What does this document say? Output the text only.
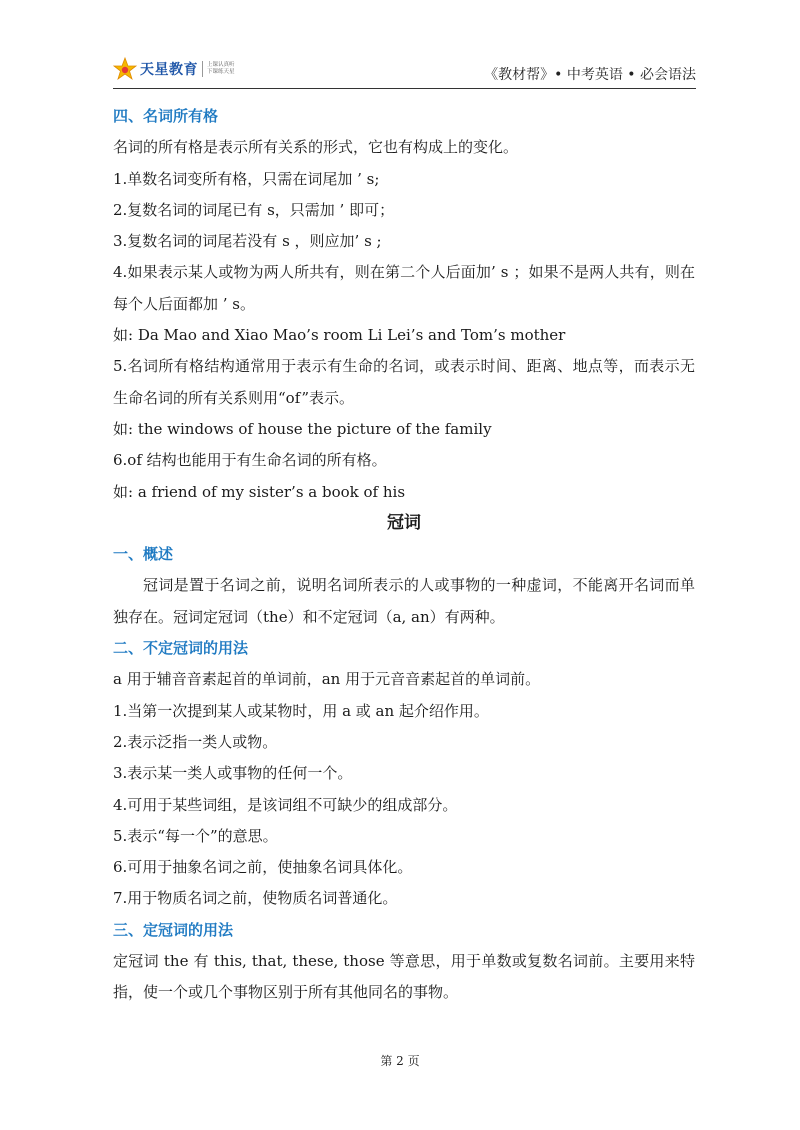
天星教育 上课认真听
下课练天星	《教材帮》• 中考英语 • 必会语法
四、名词所有格

名词的所有格是表示所有关系的形式，它也有构成上的变化。

1.单数名词变所有格，只需在词尾加 ’ s;

2.复数名词的词尾已有 s，只需加 ’ 即可；

3.复数名词的词尾若没有 s ，则应加’ s ;

4.如果表示某人或物为两人所共有，则在第二个人后面加’ s ；如果不是两人共有，则在每个人后面都加 ’ s。

如: Da Mao and Xiao Mao’s room Li Lei’s and Tom’s mother

5.名词所有格结构通常用于表示有生命的名词，或表示时间、距离、地点等，而表示无生命名词的所有关系则用“of”表示。

如: the windows of house the picture of the family

6.of 结构也能用于有生命名词的所有格。

如: a friend of my sister’s a book of his

冠词
一、概述

冠词是置于名词之前，说明名词所表示的人或事物的一种虚词，不能离开名词而单独存在。冠词定冠词（the）和不定冠词（a, an）有两种。

二、不定冠词的用法

a 用于辅音音素起首的单词前，an 用于元音音素起首的单词前。

1.当第一次提到某人或某物时，用 a 或 an 起介绍作用。

2.表示泛指一类人或物。

3.表示某一类人或事物的任何一个。

4.可用于某些词组，是该词组不可缺少的组成部分。

5.表示“每一个”的意思。

6.可用于抽象名词之前，使抽象名词具体化。

7.用于物质名词之前，使物质名词普通化。

三、定冠词的用法

定冠词 the 有 this, that, these, those 等意思，用于单数或复数名词前。主要用来特指，使一个或几个事物区别于所有其他同名的事物。

第 2 页
